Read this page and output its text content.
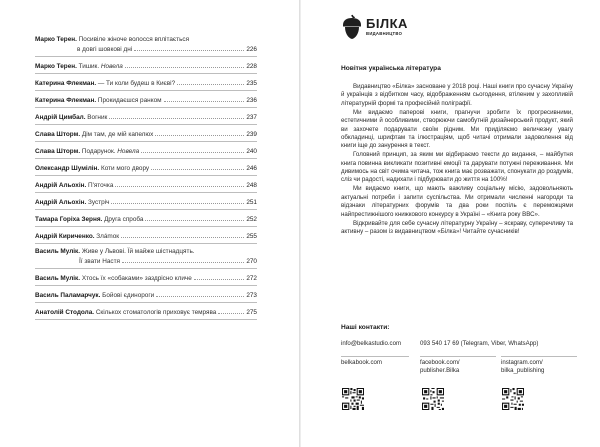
Марко Терен. Посивіле жіноче волосся вплітається
в довгі шовкові дні	226
Марко Терен. Тишик. Новела	228
Катерина Флекман. — Ти коли будеш в Києві?	235
Катерина Флекман. Прокидаєшся ранком	236
Андрій Цимбал. Вогник	237
Слава Шторм. Дім там, де мій капелюх	239
Слава Шторм. Подарунок. Новела	240
Олександр Шумілін. Коти мого двору	246
Андрій Альохін. П'яточка	248
Андрій Альохін. Зустріч	251
Тамара Горіха Зерня. Друга спроба	252
Андрій Кириченко. Злámок	255
Василь Мулік. Живе у Львові. Їй майже шістнадцять.
Її звати Настя	270
Василь Мулік. Хтось їх «собаками» заздрісно кличе	272
Василь Паламарчук. Бойові єдинороги	273
Анатолій Стодола. Скількох стоматологів приховує темрява	275
БІЛКА
ВИДАВНИЦТВО
Новітня українська література

Видавництво «Білка» засноване у 2018 році. Наші книги про сучасну Україну й українців з відбитком часу, відображенням сьогодення, втіленим у захопливій літературній формі та професійній поліграфії.

Ми видаємо паперові книги, прагнучи зробити їх прогресивними, естетичними й особливими, створюючи самобутній дизайнерський продукт, який ви захочете подарувати своїм рідним. Ми приділяємо величезну увагу обкладинці, шрифтам та ілюстраціям, щоб читачі отримали задоволення від книги іще до занурення в текст.

Головний принцип, за яким ми відбираємо тексти до видання, – майбутня книга повинна викликати позитивні емоції та дарувати потужні переживання. Ми дивимось на світ очима читача, тож книга має розважати, спонукати до роздумів, сліз чи радості, надихати і підбурювати до життя на 100%!

Ми видаємо книги, що мають важливу соціальну місію, задовольняють актуальні потреби і запити суспільства. Ми отримали численні нагороди та відзнаки літературних форумів та два роки поспіль є переможцями найпрестижнішого книжкового конкурсу в Україні – «Книга року ВВС».

Відкривайте для себе сучасну літературну Україну – яскраву, суперечливу та активну – разом із видавництвом «Білка»! Читайте сучасників!

Наші контакти:
info@belkastudio.com	093 540 17 69 (Telegram, Viber, WhatsApp)
belkabook.com	facebook.com/ publisher.Bilka
instagram.com/ bilka_publishing
